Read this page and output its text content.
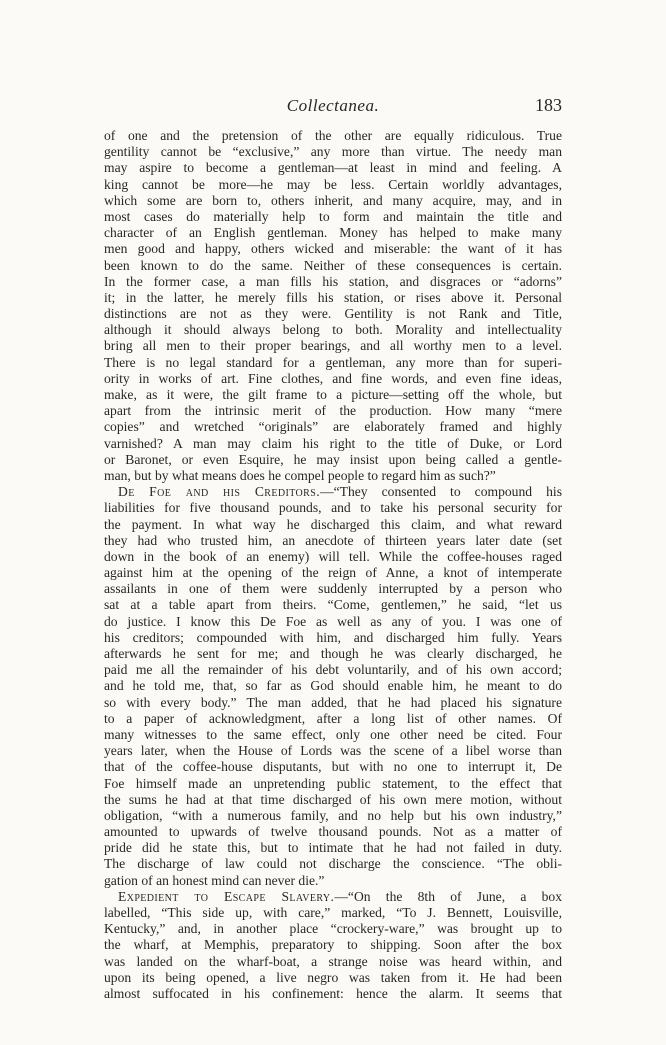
Collectanea.	183
of one and the pretension of the other are equally ridiculous. True
gentility cannot be “exclusive,” any more than virtue. The needy man
may aspire to become a gentleman—at least in mind and feeling. A
king cannot be more—he may be less. Certain worldly advantages,
which some are born to, others inherit, and many acquire, may, and in
most cases do materially help to form and maintain the title and
character of an English gentleman. Money has helped to make many
men good and happy, others wicked and miserable: the want of it has
been known to do the same. Neither of these consequences is certain.
In the former case, a man fills his station, and disgraces or “adorns”
it; in the latter, he merely fills his station, or rises above it. Personal
distinctions are not as they were. Gentility is not Rank and Title,
although it should always belong to both. Morality and intellectuality
bring all men to their proper bearings, and all worthy men to a level.
There is no legal standard for a gentleman, any more than for superi-
ority in works of art. Fine clothes, and fine words, and even fine ideas,
make, as it were, the gilt frame to a picture—setting off the whole, but
apart from the intrinsic merit of the production. How many “mere
copies” and wretched “originals” are elaborately framed and highly
varnished? A man may claim his right to the title of Duke, or Lord
or Baronet, or even Esquire, he may insist upon being called a gentle-
man, but by what means does he compel people to regard him as such?”
De Foe and his Creditors.—“They consented to compound his
liabilities for five thousand pounds, and to take his personal security for
the payment. In what way he discharged this claim, and what reward
they had who trusted him, an anecdote of thirteen years later date (set
down in the book of an enemy) will tell. While the coffee-houses raged
against him at the opening of the reign of Anne, a knot of intemperate
assailants in one of them were suddenly interrupted by a person who
sat at a table apart from theirs. “Come, gentlemen,” he said, “let us
do justice. I know this De Foe as well as any of you. I was one of
his creditors; compounded with him, and discharged him fully. Years
afterwards he sent for me; and though he was clearly discharged, he
paid me all the remainder of his debt voluntarily, and of his own accord;
and he told me, that, so far as God should enable him, he meant to do
so with every body.” The man added, that he had placed his signature
to a paper of acknowledgment, after a long list of other names. Of
many witnesses to the same effect, only one other need be cited. Four
years later, when the House of Lords was the scene of a libel worse than
that of the coffee-house disputants, but with no one to interrupt it, De
Foe himself made an unpretending public statement, to the effect that
the sums he had at that time discharged of his own mere motion, without
obligation, “with a numerous family, and no help but his own industry,”
amounted to upwards of twelve thousand pounds. Not as a matter of
pride did he state this, but to intimate that he had not failed in duty.
The discharge of law could not discharge the conscience. “The obli-
gation of an honest mind can never die.”
Expedient to Escape Slavery.—“On the 8th of June, a box
labelled, “This side up, with care,” marked, “To J. Bennett, Louisville,
Kentucky,” and, in another place “crockery-ware,” was brought up to
the wharf, at Memphis, preparatory to shipping. Soon after the box
was landed on the wharf-boat, a strange noise was heard within, and
upon its being opened, a live negro was taken from it. He had been
almost suffocated in his confinement: hence the alarm. It seems that
